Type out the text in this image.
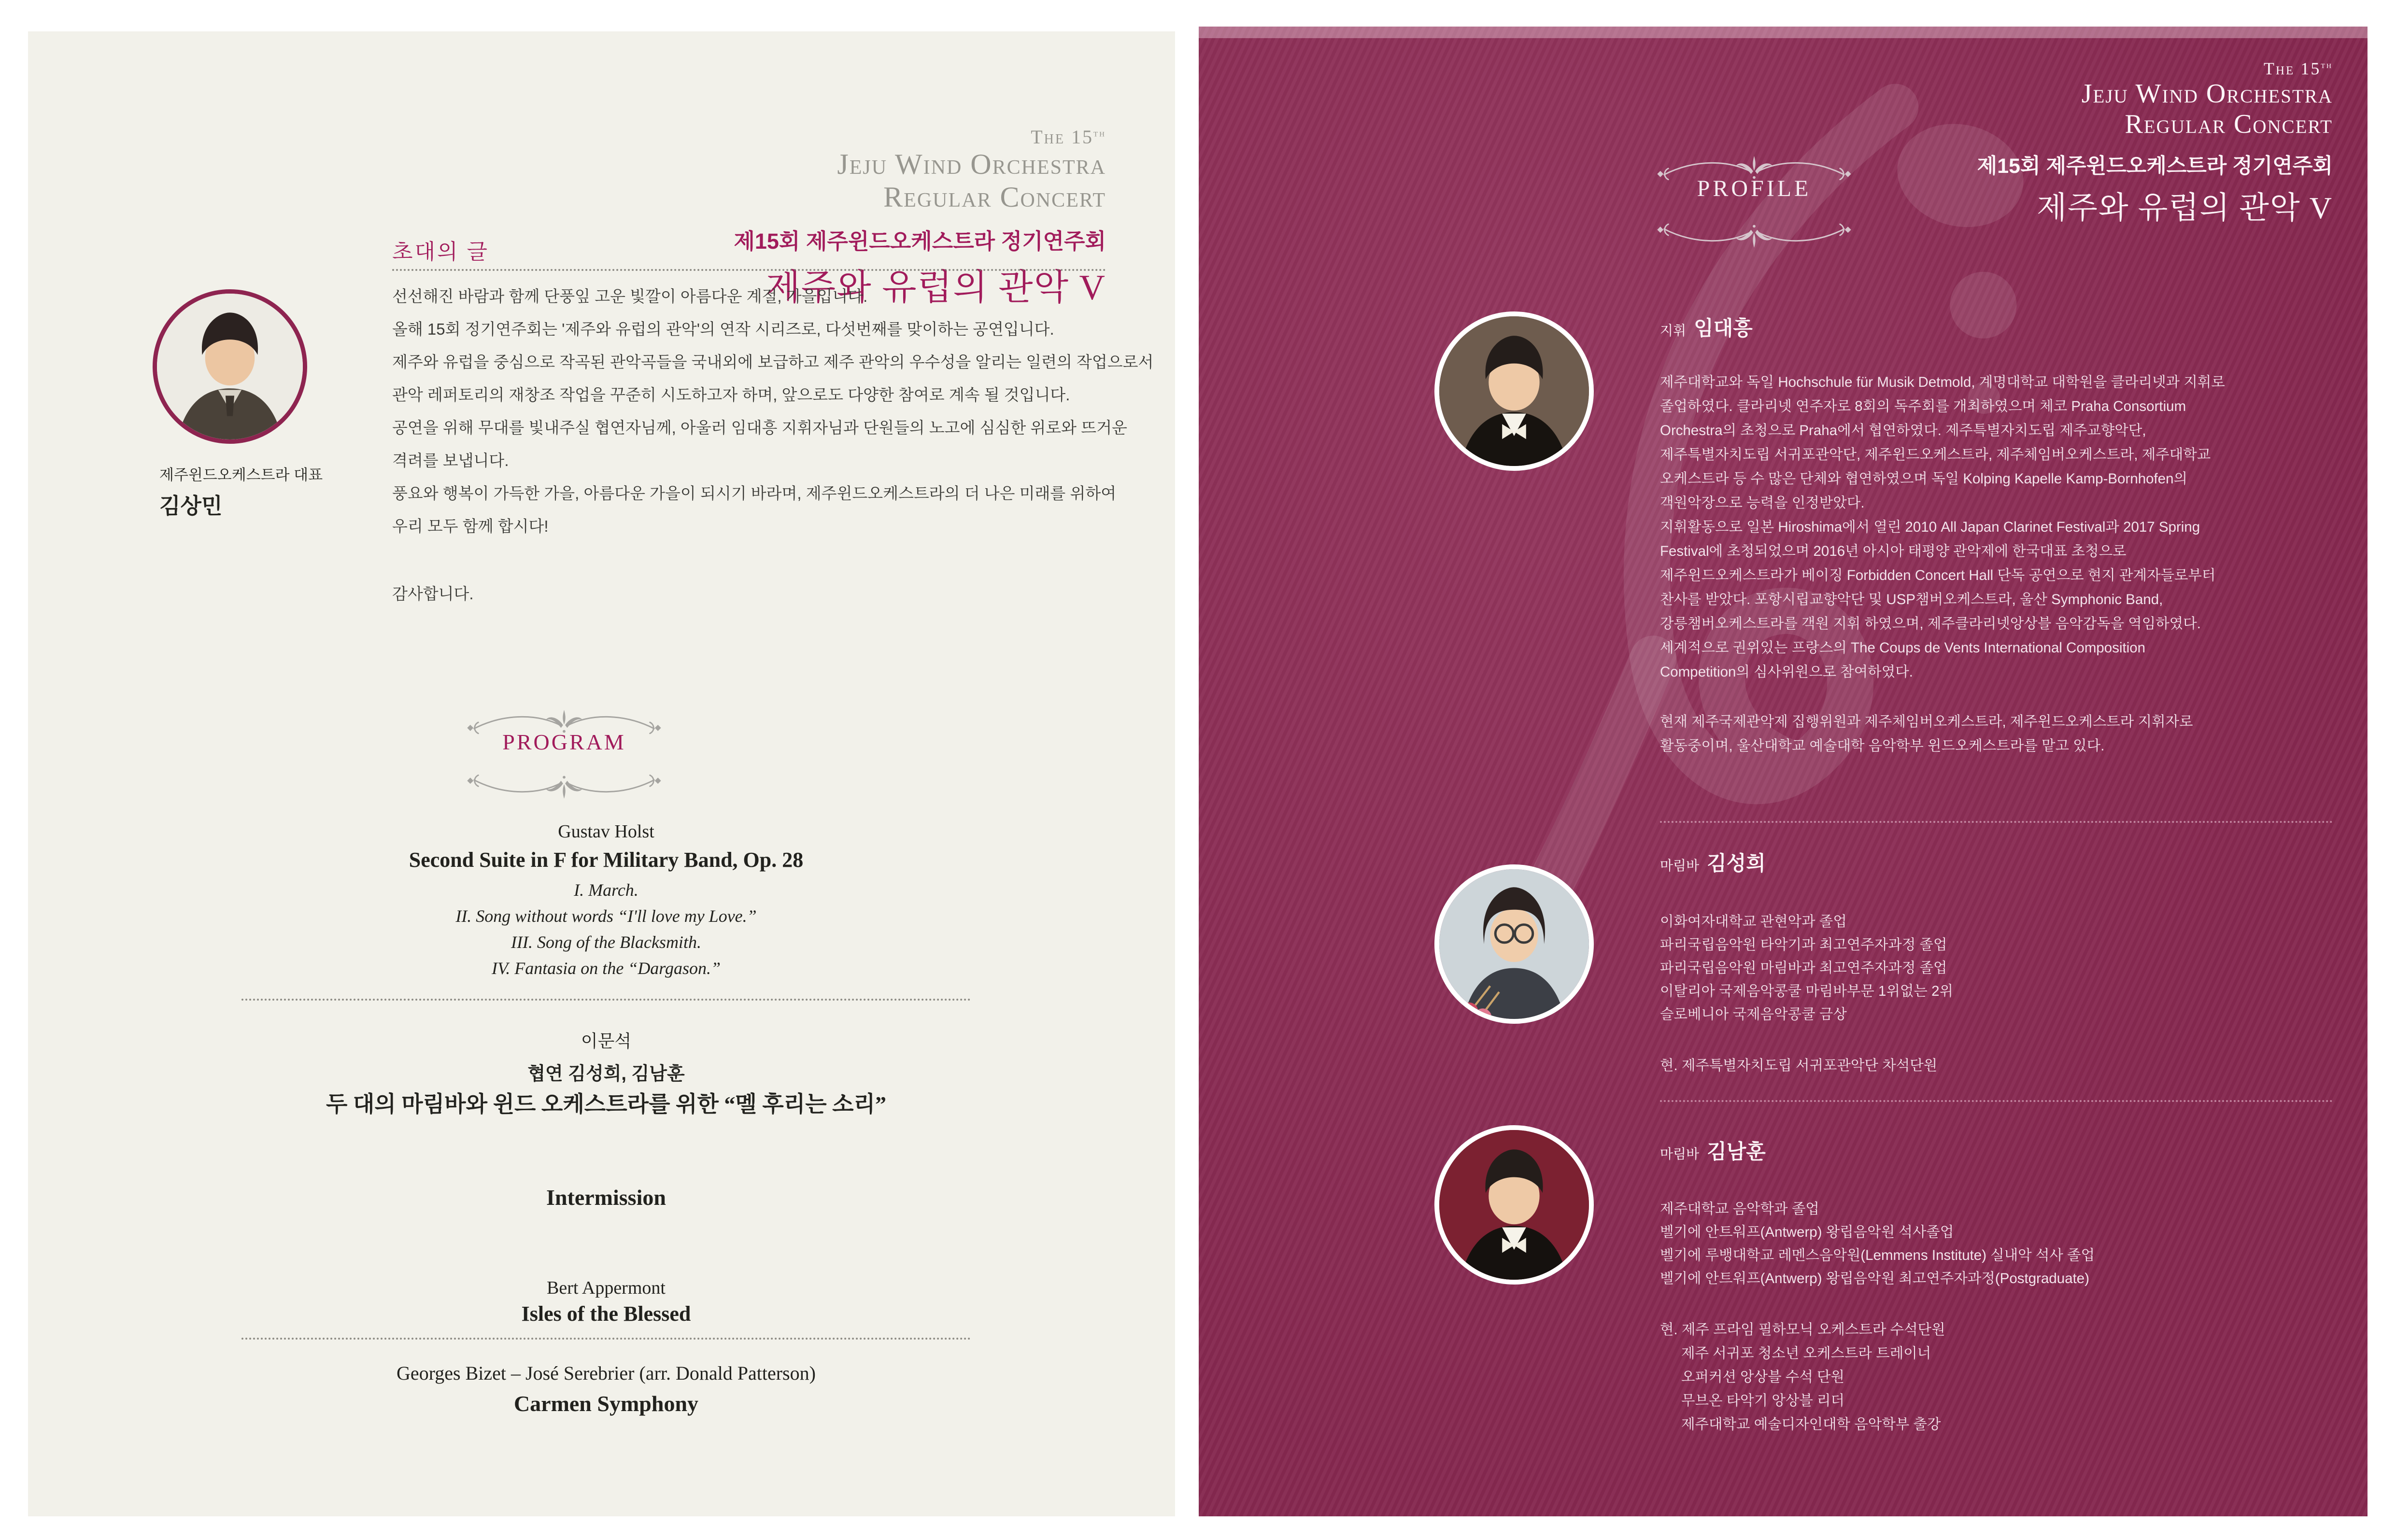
The 15th
Jeju Wind Orchestra
Regular Concert
제15회 제주윈드오케스트라 정기연주회
제주와 유럽의 관악 V
초대의 글
제주윈드오케스트라 대표
김상민
선선해진 바람과 함께 단풍잎 고운 빛깔이 아름다운 계절, 가을입니다.
올해 15회 정기연주회는 '제주와 유럽의 관악'의 연작 시리즈로, 다섯번째를 맞이하는 공연입니다.
제주와 유럽을 중심으로 작곡된 관악곡들을 국내외에 보급하고 제주 관악의 우수성을 알리는 일련의 작업으로서
관악 레퍼토리의 재창조 작업을 꾸준히 시도하고자 하며, 앞으로도 다양한 참여로 계속 될 것입니다.
공연을 위해 무대를 빛내주실 협연자님께, 아울러 임대흥 지휘자님과 단원들의 노고에 심심한 위로와 뜨거운
격려를 보냅니다.
풍요와 행복이 가득한 가을, 아름다운 가을이 되시기 바라며, 제주윈드오케스트라의 더 나은 미래를 위하여
우리 모두 함께 합시다!
감사합니다.
PROGRAM
Gustav Holst
Second Suite in F for Military Band, Op. 28
I. March.
II. Song without words “I'll love my Love.”
III. Song of the Blacksmith.
IV. Fantasia on the “Dargason.”
이문석
협연 김성희, 김남훈
두 대의 마림바와 윈드 오케스트라를 위한 “멜 후리는 소리”
Intermission
Bert Appermont
Isles of the Blessed
Georges Bizet – José Serebrier (arr. Donald Patterson)
Carmen Symphony
The 15th
Jeju Wind Orchestra
Regular Concert
제15회 제주윈드오케스트라 정기연주회
제주와 유럽의 관악 V
PROFILE
지휘 임대흥
제주대학교와 독일 Hochschule für Musik Detmold, 계명대학교 대학원을 클라리넷과 지휘로
졸업하였다. 클라리넷 연주자로 8회의 독주회를 개최하였으며 체코 Praha Consortium
Orchestra의 초청으로 Praha에서 협연하였다. 제주특별자치도립 제주교향악단,
제주특별자치도립 서귀포관악단, 제주윈드오케스트라, 제주체임버오케스트라, 제주대학교
오케스트라 등 수 많은 단체와 협연하였으며 독일 Kolping Kapelle Kamp-Bornhofen의
객원악장으로 능력을 인정받았다.
지휘활동으로 일본 Hiroshima에서 열린 2010 All Japan Clarinet Festival과 2017 Spring
Festival에 초청되었으며 2016년 아시아 태평양 관악제에 한국대표 초청으로
제주윈드오케스트라가 베이징 Forbidden Concert Hall 단독 공연으로 현지 관계자들로부터
찬사를 받았다. 포항시립교향악단 및 USP챔버오케스트라, 울산 Symphonic Band,
강릉챔버오케스트라를 객원 지휘 하였으며, 제주클라리넷앙상블 음악감독을 역임하였다.
세계적으로 권위있는 프랑스의 The Coups de Vents International Composition
Competition의 심사위원으로 참여하였다.
현재 제주국제관악제 집행위원과 제주체임버오케스트라, 제주윈드오케스트라 지휘자로
활동중이며, 울산대학교 예술대학 음악학부 윈드오케스트라를 맡고 있다.
마림바 김성희
이화여자대학교 관현악과 졸업
파리국립음악원 타악기과 최고연주자과정 졸업
파리국립음악원 마림바과 최고연주자과정 졸업
이탈리아 국제음악콩쿨 마림바부문 1위없는 2위
슬로베니아 국제음악콩쿨 금상
현. 제주특별자치도립 서귀포관악단 차석단원
마림바 김남훈
제주대학교 음악학과 졸업
벨기에 안트워프(Antwerp) 왕립음악원 석사졸업
벨기에 루뱅대학교 레멘스음악원(Lemmens Institute) 실내악 석사 졸업
벨기에 안트워프(Antwerp) 왕립음악원 최고연주자과정(Postgraduate)
현. 제주 프라임 필하모닉 오케스트라 수석단원
제주 서귀포 청소년 오케스트라 트레이너
오퍼커션 앙상블 수석 단원
무브온 타악기 앙상블 리더
제주대학교 예술디자인대학 음악학부 출강
